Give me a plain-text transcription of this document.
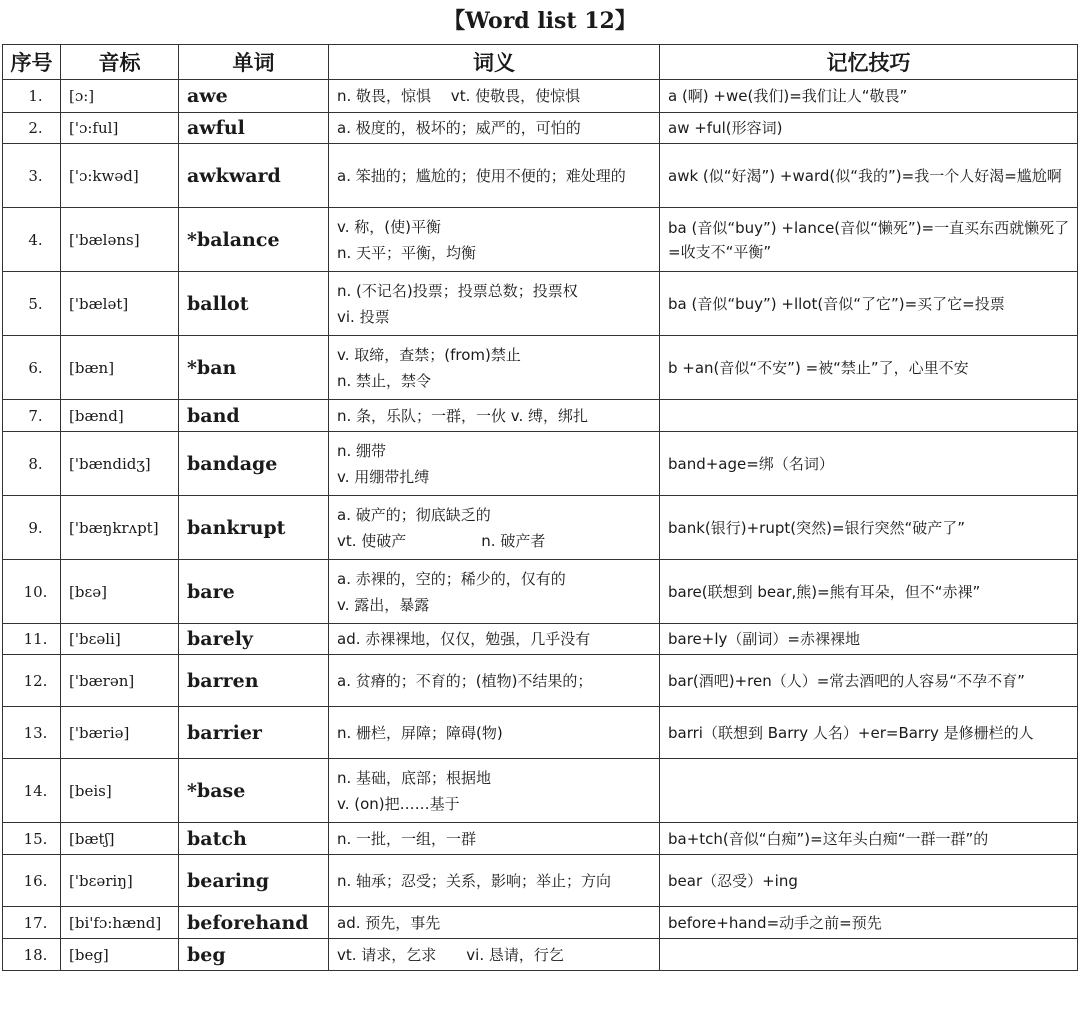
【Word list 12】
序号	音标	单词	词义	记忆技巧
1.	[ɔ:]	awe	n. 敬畏，惊惧　 vt. 使敬畏，使惊惧	a (啊) +we(我们)=我们让人“敬畏”
2.	['ɔ:ful]	awful	a. 极度的，极坏的；威严的，可怕的	aw +ful(形容词)
3.	['ɔ:kwəd]	awkward	a. 笨拙的；尴尬的；使用不便的；难处理的	awk (似“好渴”) +ward(似“我的”)=我一个人好渴=尴尬啊
4.	['bæləns]	*balance	v. 称，(使)平衡
n. 天平；平衡，均衡	ba (音似“buy”) +lance(音似“懒死”)=一直买东西就懒死了=收支不“平衡”
5.	['bælət]	ballot	n. (不记名)投票；投票总数；投票权
vi. 投票	ba (音似“buy”) +llot(音似“了它”)=买了它=投票
6.	[bæn]	*ban	v. 取缔，查禁；(from)禁止
n. 禁止，禁令	b +an(音似“不安”) =被“禁止”了，心里不安
7.	[bænd]	band	n. 条，乐队；一群，一伙 v. 缚，绑扎	
8.	['bændidʒ]	bandage	n. 绷带
v. 用绷带扎缚	band+age=绑（名词）
9.	['bæŋkrʌpt]	bankrupt	a. 破产的；彻底缺乏的
vt. 使破产　　　　　n. 破产者	bank(银行)+rupt(突然)=银行突然“破产了”
10.	[bɛə]	bare	a. 赤裸的，空的；稀少的，仅有的
v. 露出，暴露	bare(联想到 bear,熊)=熊有耳朵，但不“赤裸”
11.	['bɛəli]	barely	ad. 赤裸裸地，仅仅，勉强，几乎没有	bare+ly（副词）=赤裸裸地
12.	['bærən]	barren	a. 贫瘠的；不育的；(植物)不结果的；	bar(酒吧)+ren（人）=常去酒吧的人容易“不孕不育”
13.	['bæriə]	barrier	n. 栅栏，屏障；障碍(物)	barri（联想到 Barry 人名）+er=Barry 是修栅栏的人
14.	[beis]	*base	n. 基础，底部；根据地
v. (on)把……基于	

15.	[bætʃ]	batch	n. 一批，一组，一群	ba+tch(音似“白痴”)=这年头白痴“一群一群”的
16.	['bɛəriŋ]	bearing	n. 轴承；忍受；关系，影响；举止；方向	bear（忍受）+ing
17.	[bi'fɔ:hænd]	beforehand	ad. 预先，事先	before+hand=动手之前=预先
18.	[beg]	beg	vt. 请求，乞求　　vi. 恳请，行乞	
